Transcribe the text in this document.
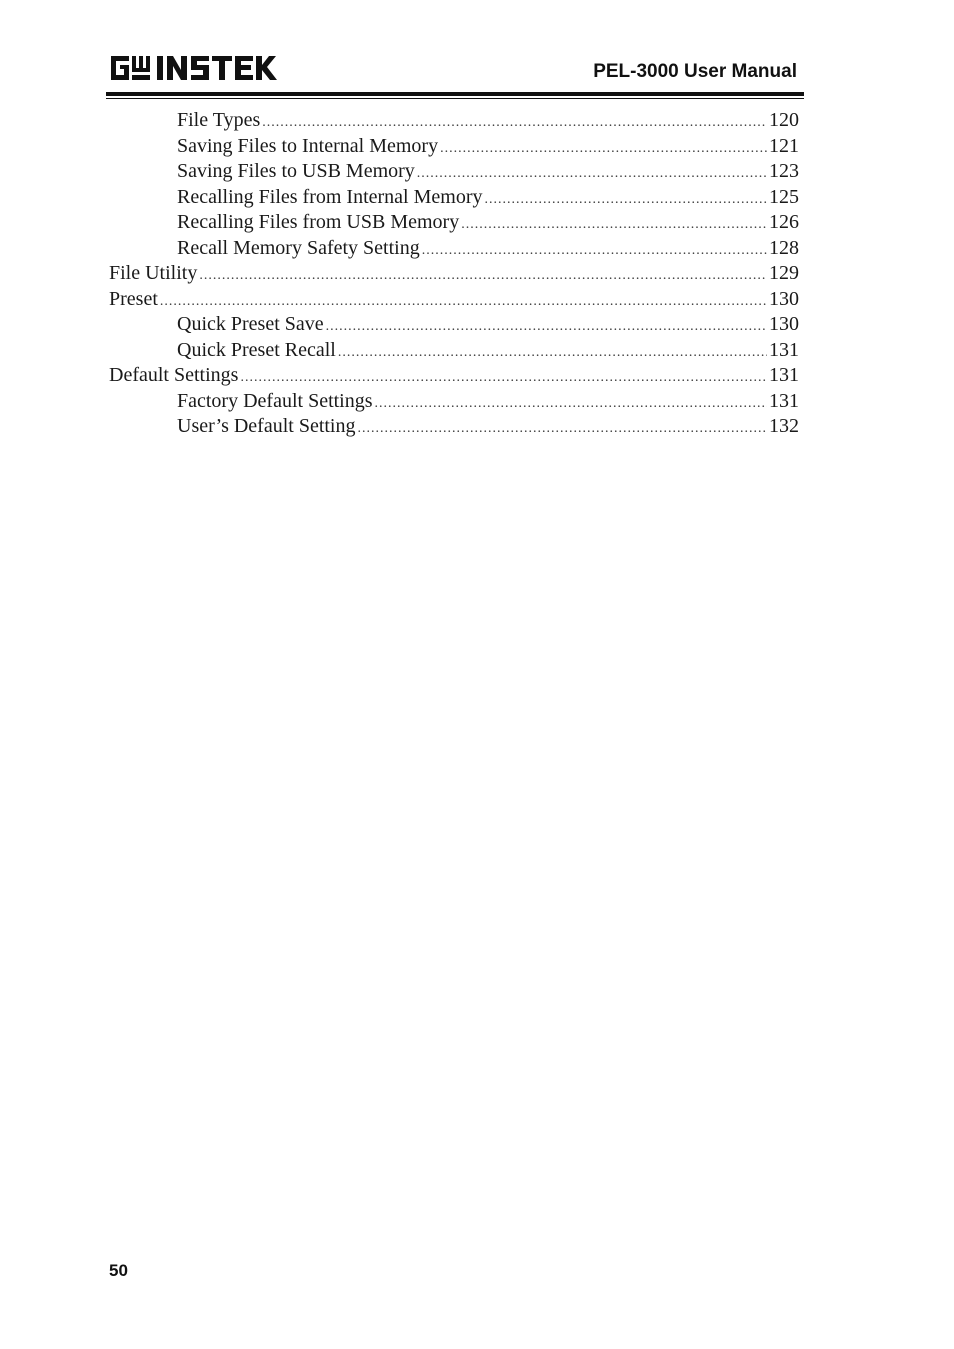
PEL-3000 User Manual
File Types .....	120
Saving Files to Internal Memory .....	121
Saving Files to USB Memory .....	123
Recalling Files from Internal Memory .....	125
Recalling Files from USB Memory .....	126
Recall Memory Safety Setting .....	128
File Utility .....	129
Preset .....	130
Quick Preset Save .....	130
Quick Preset Recall .....	131
Default Settings .....	131
Factory Default Settings .....	131
User’s Default Setting .....	132
50
